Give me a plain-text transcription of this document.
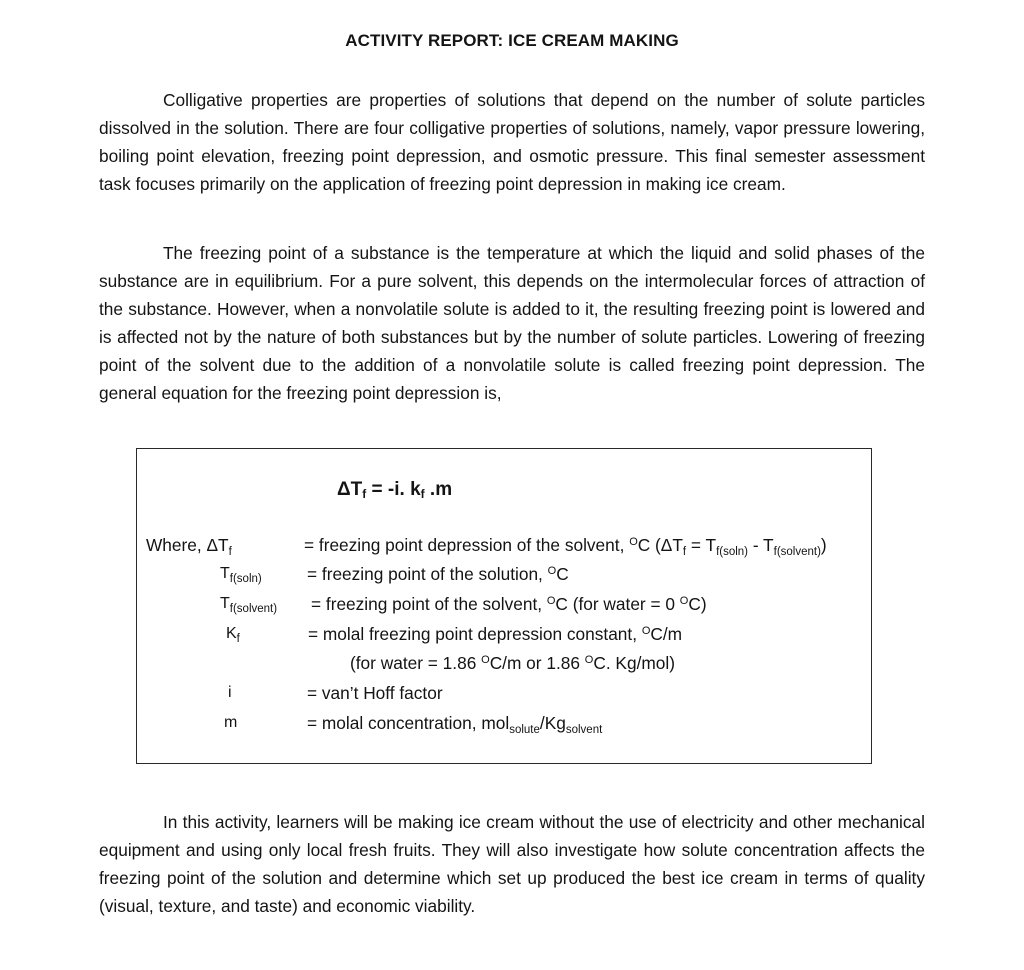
ACTIVITY REPORT: ICE CREAM MAKING

Colligative properties are properties of solutions that depend on the number of solute particles dissolved in the solution. There are four colligative properties of solutions, namely, vapor pressure lowering, boiling point elevation, freezing point depression, and osmotic pressure. This final semester assessment task focuses primarily on the application of freezing point depression in making ice cream.

The freezing point of a substance is the temperature at which the liquid and solid phases of the substance are in equilibrium. For a pure solvent, this depends on the intermolecular forces of attraction of the substance. However, when a nonvolatile solute is added to it, the resulting freezing point is lowered and is affected not by the nature of both substances but by the number of solute particles. Lowering of freezing point of the solvent due to the addition of a nonvolatile solute is called freezing point depression. The general equation for the freezing point depression is,

$\Delta T_f = -i$. $k_f$ .m
Where, $\Delta T_f$
$T_{f(soln)}$
$T_{f(solvent)}$
$K_f$
i
m
= freezing point depression of the solvent, $^O$C $(\Delta T_f = T_{f(soln)} - T_{f(solvent)})$
= freezing point of the solution, $^O$C
= freezing point of the solvent, $^O$C (for water = 0 $^O$C)
= molal freezing point depression constant, $^O$C/m
(for water = 1.86 $^O$C/m or 1.86 $^O$C. Kg/mol)
= van’t Hoff factor
= molal concentration, $mol_{solute}/Kg_{solvent}$

In this activity, learners will be making ice cream without the use of electricity and other mechanical equipment and using only local fresh fruits. They will also investigate how solute concentration affects the freezing point of the solution and determine which set up produced the best ice cream in terms of quality (visual, texture, and taste) and economic viability.
